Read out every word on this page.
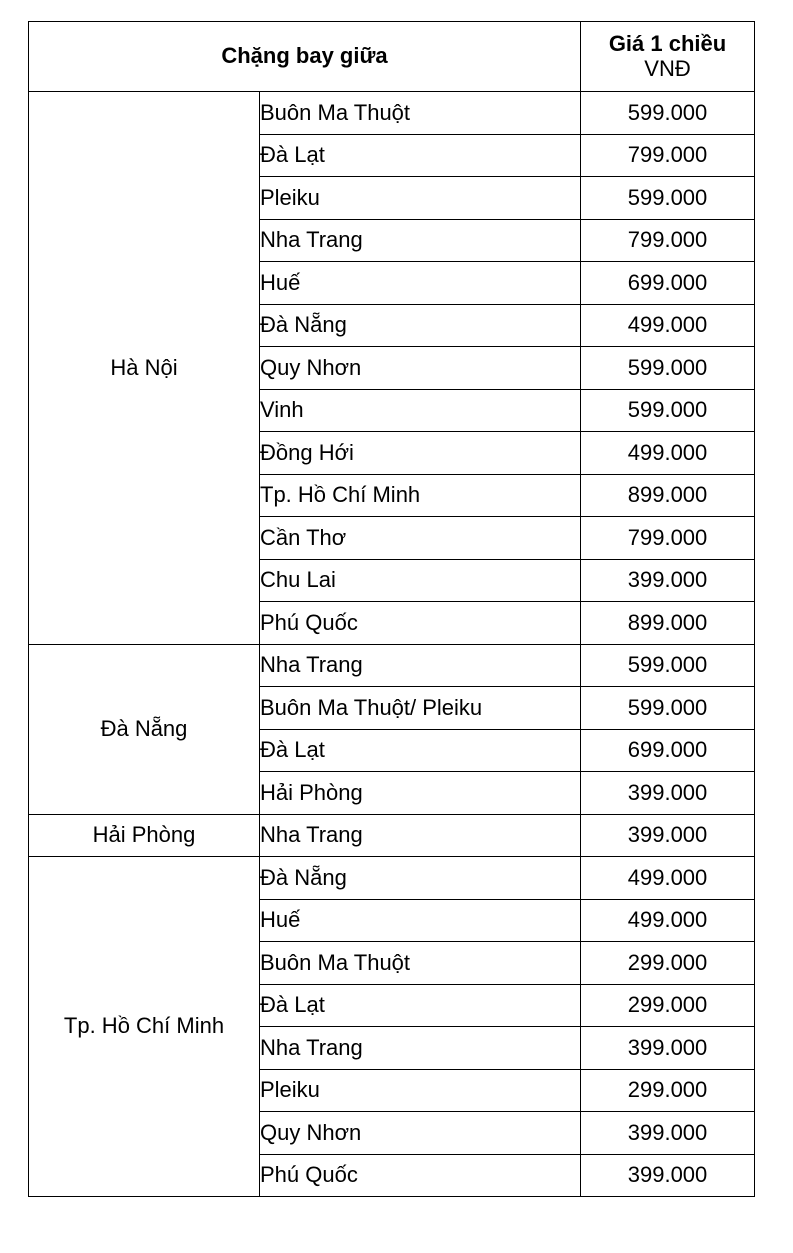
Chặng bay giữa		Giá 1 chiều
VNĐ

Hà Nội	Buôn Ma Thuột	599.000
	Đà Lạt	799.000
	Pleiku	599.000
	Nha Trang	799.000
	Huế	699.000
	Đà Nẵng	499.000
	Quy Nhơn	599.000
	Vinh	599.000
	Đồng Hới	499.000
	Tp. Hồ Chí Minh	899.000
	Cần Thơ	799.000
	Chu Lai	399.000
	Phú Quốc	899.000
Đà Nẵng	Nha Trang	599.000
	Buôn Ma Thuột/ Pleiku	599.000
	Đà Lạt	699.000
	Hải Phòng	399.000
Hải Phòng	Nha Trang	399.000
Tp. Hồ Chí Minh	Đà Nẵng	499.000
	Huế	499.000
	Buôn Ma Thuột	299.000
	Đà Lạt	299.000
	Nha Trang	399.000
	Pleiku	299.000
	Quy Nhơn	399.000
	Phú Quốc	399.000
